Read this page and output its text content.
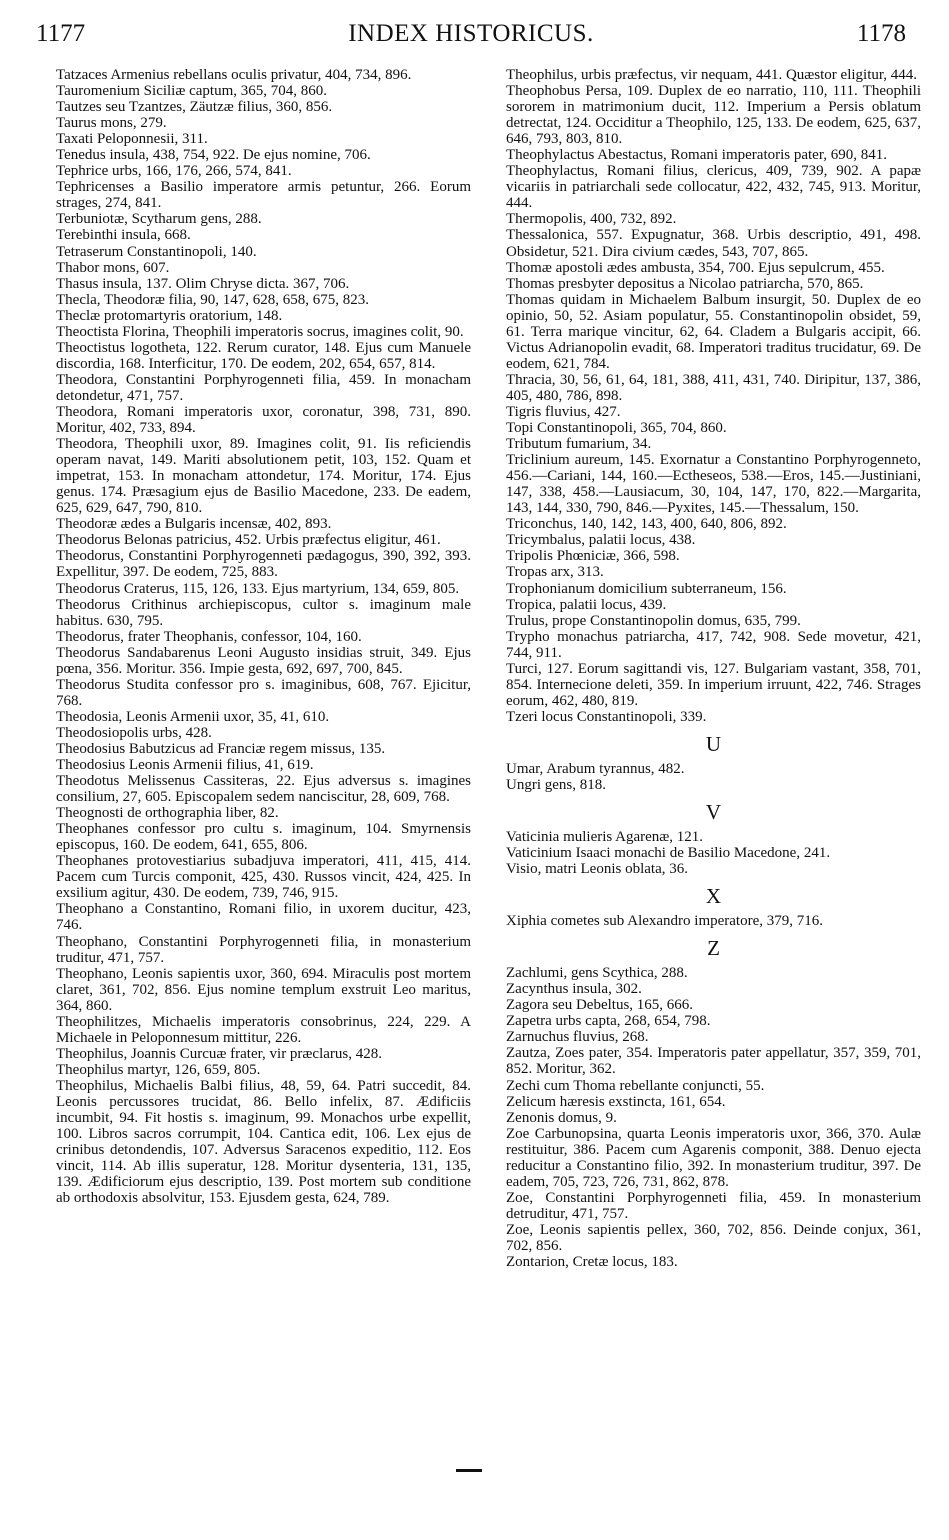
1177	INDEX HISTORICUS.	1178

Tatzaces Armenius rebellans oculis privatur, 404, 734, 896.

Tauromenium Siciliæ captum, 365, 704, 860.

Tautzes seu Tzantzes, Zäutzæ filius, 360, 856.

Taurus mons, 279.

Taxati Peloponnesii, 311.

Tenedus insula, 438, 754, 922. De ejus nomine, 706.

Tephrice urbs, 166, 176, 266, 574, 841.

Tephricenses a Basilio imperatore armis petuntur, 266. Eorum strages, 274, 841.

Terbuniotæ, Scytharum gens, 288.

Terebinthi insula, 668.

Tetraserum Constantinopoli, 140.

Thabor mons, 607.

Thasus insula, 137. Olim Chryse dicta. 367, 706.

Thecla, Theodoræ filia, 90, 147, 628, 658, 675, 823.

Theclæ protomartyris oratorium, 148.

Theoctista Florina, Theophili imperatoris socrus, imagines colit, 90.

Theoctistus logotheta, 122. Rerum curator, 148. Ejus cum Manuele discordia, 168. Interficitur, 170. De eodem, 202, 654, 657, 814.

Theodora, Constantini Porphyrogenneti filia, 459. In monacham detondetur, 471, 757.

Theodora, Romani imperatoris uxor, coronatur, 398, 731, 890. Moritur, 402, 733, 894.

Theodora, Theophili uxor, 89. Imagines colit, 91. Iis reficiendis operam navat, 149. Mariti absolutionem petit, 103, 152. Quam et impetrat, 153. In monacham attondetur, 174. Moritur, 174. Ejus genus. 174. Præsagium ejus de Basilio Macedone, 233. De eadem, 625, 629, 647, 790, 810.

Theodoræ ædes a Bulgaris incensæ, 402, 893.

Theodorus Belonas patricius, 452. Urbis præfectus eligitur, 461.

Theodorus, Constantini Porphyrogenneti pædagogus, 390, 392, 393. Expellitur, 397. De eodem, 725, 883.

Theodorus Craterus, 115, 126, 133. Ejus martyrium, 134, 659, 805.

Theodorus Crithinus archiepiscopus, cultor s. imaginum male habitus. 630, 795.

Theodorus, frater Theophanis, confessor, 104, 160.

Theodorus Sandabarenus Leoni Augusto insidias struit, 349. Ejus pœna, 356. Moritur. 356. Impie gesta, 692, 697, 700, 845.

Theodorus Studita confessor pro s. imaginibus, 608, 767. Ejicitur, 768.

Theodosia, Leonis Armenii uxor, 35, 41, 610.

Theodosiopolis urbs, 428.

Theodosius Babutzicus ad Franciæ regem missus, 135.

Theodosius Leonis Armenii filius, 41, 619.

Theodotus Melissenus Cassiteras, 22. Ejus adversus s. imagines consilium, 27, 605. Episcopalem sedem nanciscitur, 28, 609, 768.

Theognosti de orthographia liber, 82.

Theophanes confessor pro cultu s. imaginum, 104. Smyrnensis episcopus, 160. De eodem, 641, 655, 806.

Theophanes protovestiarius subadjuva imperatori, 411, 415, 414. Pacem cum Turcis componit, 425, 430. Russos vincit, 424, 425. In exsilium agitur, 430. De eodem, 739, 746, 915.

Theophano a Constantino, Romani filio, in uxorem ducitur, 423, 746.

Theophano, Constantini Porphyrogenneti filia, in monasterium truditur, 471, 757.

Theophano, Leonis sapientis uxor, 360, 694. Miraculis post mortem claret, 361, 702, 856. Ejus nomine templum exstruit Leo maritus, 364, 860.

Theophilitzes, Michaelis imperatoris consobrinus, 224, 229. A Michaele in Peloponnesum mittitur, 226.

Theophilus, Joannis Curcuæ frater, vir præclarus, 428.

Theophilus martyr, 126, 659, 805.

Theophilus, Michaelis Balbi filius, 48, 59, 64. Patri succedit, 84. Leonis percussores trucidat, 86. Bello infelix, 87. Ædificiis incumbit, 94. Fit hostis s. imaginum, 99. Monachos urbe expellit, 100. Libros sacros corrumpit, 104. Cantica edit, 106. Lex ejus de crinibus detondendis, 107. Adversus Saracenos expeditio, 112. Eos vincit, 114. Ab illis superatur, 128. Moritur dysenteria, 131, 135, 139. Ædificiorum ejus descriptio, 139. Post mortem sub conditione ab orthodoxis absolvitur, 153. Ejusdem gesta, 624, 789.

Theophilus, urbis præfectus, vir nequam, 441. Quæstor eligitur, 444.

Theophobus Persa, 109. Duplex de eo narratio, 110, 111. Theophili sororem in matrimonium ducit, 112. Imperium a Persis oblatum detrectat, 124. Occiditur a Theophilo, 125, 133. De eodem, 625, 637, 646, 793, 803, 810.

Theophylactus Abestactus, Romani imperatoris pater, 690, 841.

Theophylactus, Romani filius, clericus, 409, 739, 902. A papæ vicariis in patriarchali sede collocatur, 422, 432, 745, 913. Moritur, 444.

Thermopolis, 400, 732, 892.

Thessalonica, 557. Expugnatur, 368. Urbis descriptio, 491, 498. Obsidetur, 521. Dira civium cædes, 543, 707, 865.

Thomæ apostoli ædes ambusta, 354, 700. Ejus sepulcrum, 455.

Thomas presbyter depositus a Nicolao patriarcha, 570, 865.

Thomas quidam in Michaelem Balbum insurgit, 50. Duplex de eo opinio, 50, 52. Asiam populatur, 55. Constantinopolin obsidet, 59, 61. Terra marique vincitur, 62, 64. Cladem a Bulgaris accipit, 66. Victus Adrianopolin evadit, 68. Imperatori traditus trucidatur, 69. De eodem, 621, 784.

Thracia, 30, 56, 61, 64, 181, 388, 411, 431, 740. Diripitur, 137, 386, 405, 480, 786, 898.

Tigris fluvius, 427.

Topi Constantinopoli, 365, 704, 860.

Tributum fumarium, 34.

Triclinium aureum, 145. Exornatur a Constantino Porphyrogenneto, 456.—Cariani, 144, 160.—Ectheseos, 538.—Eros, 145.—Justiniani, 147, 338, 458.—Lausiacum, 30, 104, 147, 170, 822.—Margarita, 143, 144, 330, 790, 846.—Pyxites, 145.—Thessalum, 150.

Triconchus, 140, 142, 143, 400, 640, 806, 892.

Tricymbalus, palatii locus, 438.

Tripolis Phœniciæ, 366, 598.

Tropas arx, 313.

Trophonianum domicilium subterraneum, 156.

Tropica, palatii locus, 439.

Trulus, prope Constantinopolin domus, 635, 799.

Trypho monachus patriarcha, 417, 742, 908. Sede movetur, 421, 744, 911.

Turci, 127. Eorum sagittandi vis, 127. Bulgariam vastant, 358, 701, 854. Internecione deleti, 359. In imperium irruunt, 422, 746. Strages eorum, 462, 480, 819.

Tzeri locus Constantinopoli, 339.

U

Umar, Arabum tyrannus, 482.

Ungri gens, 818.

V

Vaticinia mulieris Agarenæ, 121.

Vaticinium Isaaci monachi de Basilio Macedone, 241.

Visio, matri Leonis oblata, 36.

X

Xiphia cometes sub Alexandro imperatore, 379, 716.

Z

Zachlumi, gens Scythica, 288.

Zacynthus insula, 302.

Zagora seu Debeltus, 165, 666.

Zapetra urbs capta, 268, 654, 798.

Zarnuchus fluvius, 268.

Zautza, Zoes pater, 354. Imperatoris pater appellatur, 357, 359, 701, 852. Moritur, 362.

Zechi cum Thoma rebellante conjuncti, 55.

Zelicum hæresis exstincta, 161, 654.

Zenonis domus, 9.

Zoe Carbunopsina, quarta Leonis imperatoris uxor, 366, 370. Aulæ restituitur, 386. Pacem cum Agarenis componit, 388. Denuo ejecta reducitur a Constantino filio, 392. In monasterium truditur, 397. De eadem, 705, 723, 726, 731, 862, 878.

Zoe, Constantini Porphyrogenneti filia, 459. In monasterium detruditur, 471, 757.

Zoe, Leonis sapientis pellex, 360, 702, 856. Deinde conjux, 361, 702, 856.

Zontarion, Cretæ locus, 183.
